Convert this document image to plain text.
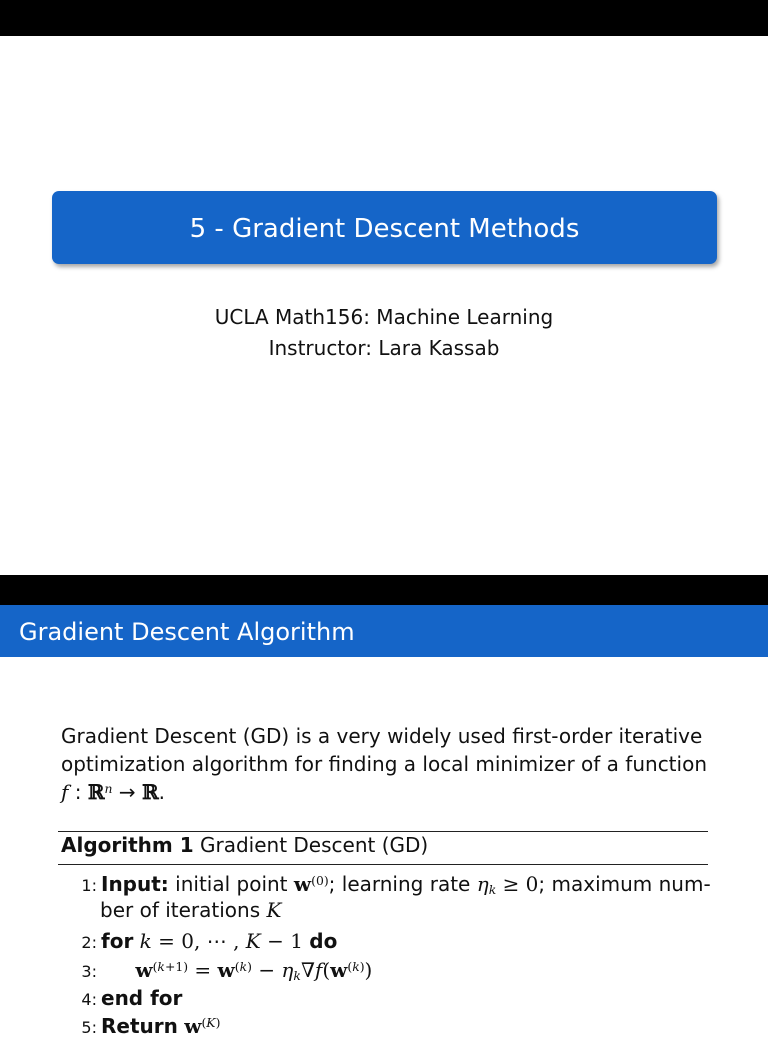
5 - Gradient Descent Methods
UCLA Math156: Machine Learning
Instructor: Lara Kassab
Gradient Descent Algorithm
Gradient Descent (GD) is a very widely used first-order iterative
optimization algorithm for finding a local minimizer of a function
f : ℝ$^n$ → ℝ.
Algorithm 1 Gradient Descent (GD)
1: Input: initial point $w^{(0)}$; learning rate $\eta_k \ge 0$; maximum num-
ber of iterations K
2: for k = 0, ⋯ , K − 1 do
3: $w^{(k+1)} = w^{(k)} - \eta_k\nabla f(w^{(k)})$
4: end for
5: Return $w^{(K)}$
